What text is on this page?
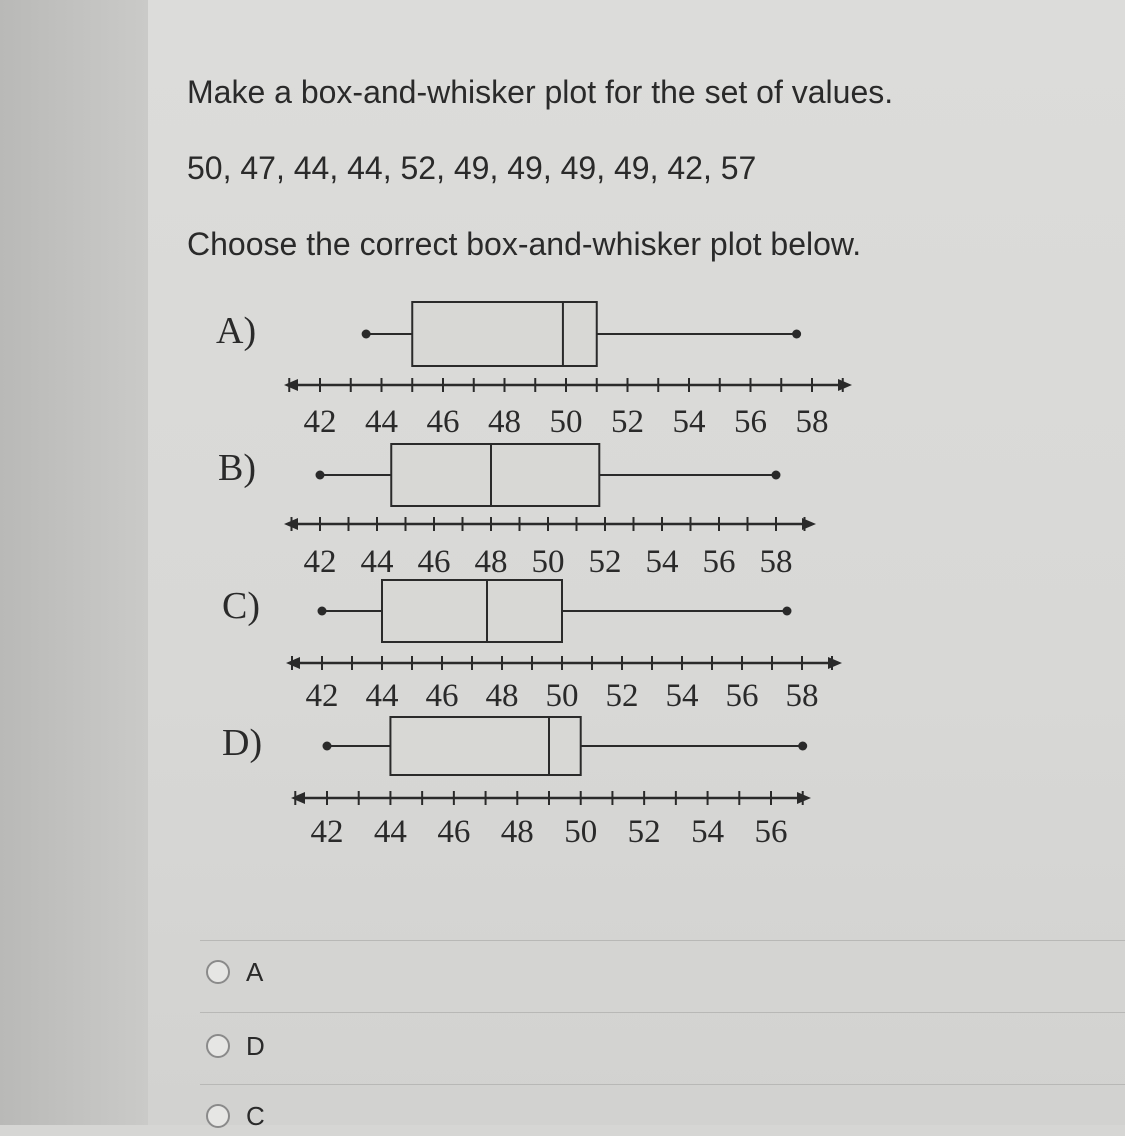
Make a box-and-whisker plot for the set of values.
50, 47, 44, 44, 52, 49, 49, 49, 49, 42, 57
Choose the correct box-and-whisker plot below.
A)
42 44 46 48 50 52 54 56 58
B)
42 44 46 48 50 52 54 56 58
C)
42 44 46 48 50 52 54 56 58
D)
42 44 46 48 50 52 54 56
A
D
C
